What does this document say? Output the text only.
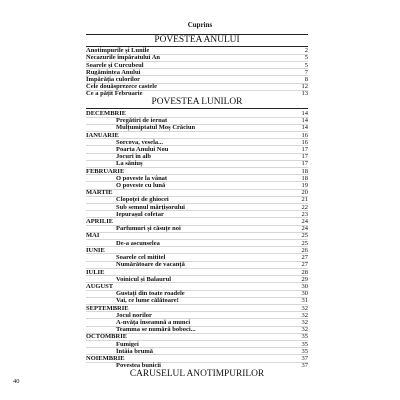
Cuprins
POVESTEA ANULUI
Anotimpurile și Lunile	2
Necazurile împăratului An	5
Soarele și Curcubeul	5
Rugămintea Anului	7
Împărăția culorilor	8
Cele douăsprezece castele	12
Ce a pățit Februarie	13
POVESTEA LUNILOR
DECEMBRIE	14
Pregătiri de iernat	14
Mulțumiptatul Moș Crăciun	14
IANUARIE	16
Sorcova, vesela...	16
Poarta Anului Nou	17
Jocuri în alb	17
La săniuș	17
FEBRUARIE	18
O poveste la vânat	18
O poveste cu lună	19
MARTIE	20
Clopoței de ghiocei	21
Sub semnul mărțișorului	22
Iepurașul cofetar	23
APRILIE	24
Parfumuri și căsuțe noi	24
MAI	25
De-a ascunselea	25
IUNIE	26
Soarele cel mititel	27
Numărătoare de vacanță	27
IULIE	28
Voinicul și Balaurul	29
AUGUST	30
Gustați din toate roadele	30
Vai, ce lume călătoare!	31
SEPTEMBRIE	32
Jocul norilor	32
A-nvăța înseamnă a munci	32
Teamma se numără boboci...	32
OCTOMBRIE	35
Fumigei	35
Întâia brumă	35
NOIEMBRIE	37
Povestea bunicii	37
CARUSELUL ANOTIMPURILOR
40
